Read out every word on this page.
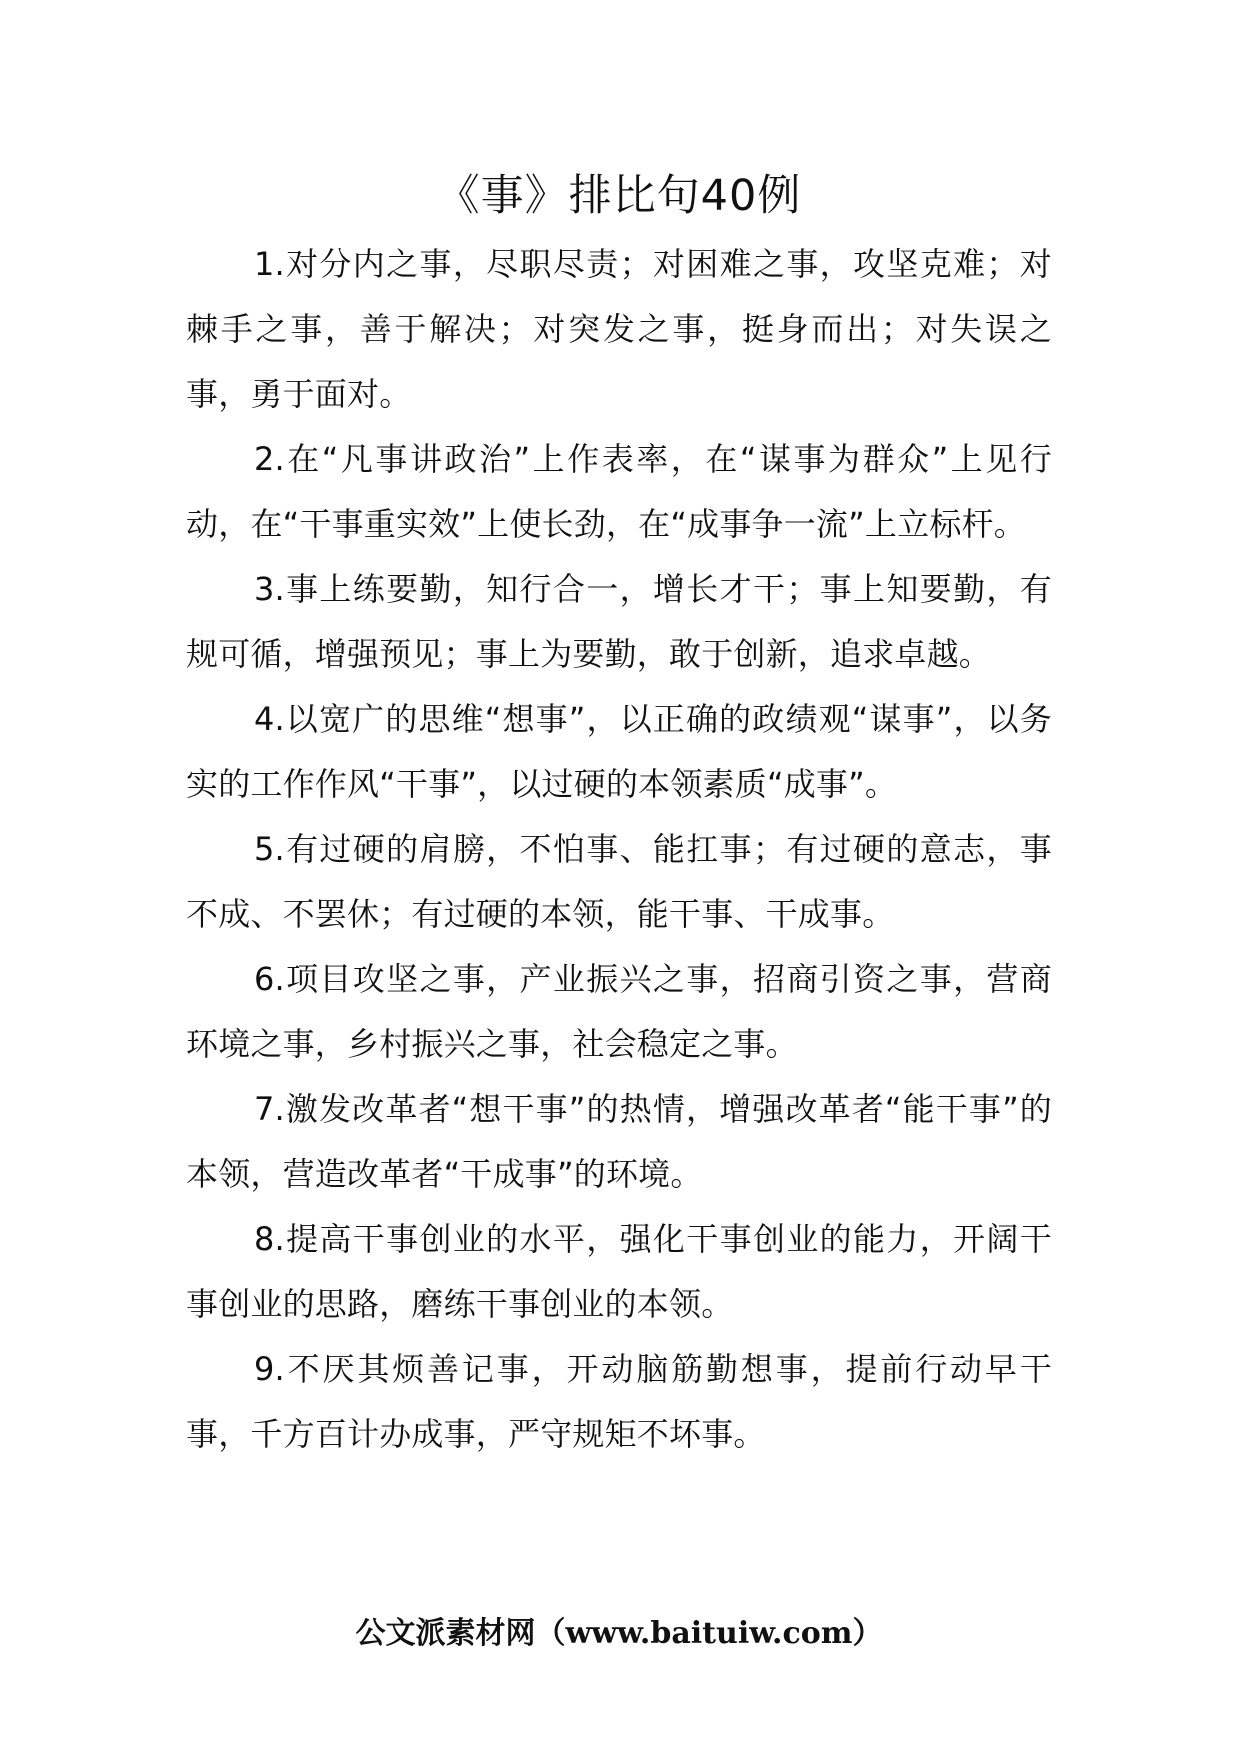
《事》排比句40例

1.对分内之事，尽职尽责；对困难之事，攻坚克难；对棘手之事，善于解决；对突发之事，挺身而出；对失误之事，勇于面对。

2.在“凡事讲政治”上作表率，在“谋事为群众”上见行动，在“干事重实效”上使长劲，在“成事争一流”上立标杆。

3.事上练要勤，知行合一，增长才干；事上知要勤，有规可循，增强预见；事上为要勤，敢于创新，追求卓越。

4.以宽广的思维“想事”，以正确的政绩观“谋事”，以务实的工作作风“干事”，以过硬的本领素质“成事”。

5.有过硬的肩膀，不怕事、能扛事；有过硬的意志，事不成、不罢休；有过硬的本领，能干事、干成事。

6.项目攻坚之事，产业振兴之事，招商引资之事，营商环境之事，乡村振兴之事，社会稳定之事。

7.激发改革者“想干事”的热情，增强改革者“能干事”的本领，营造改革者“干成事”的环境。

8.提高干事创业的水平，强化干事创业的能力，开阔干事创业的思路，磨练干事创业的本领。

9.不厌其烦善记事，开动脑筋勤想事，提前行动早干事，千方百计办成事，严守规矩不坏事。

公文派素材网（www.baituiw.com）
